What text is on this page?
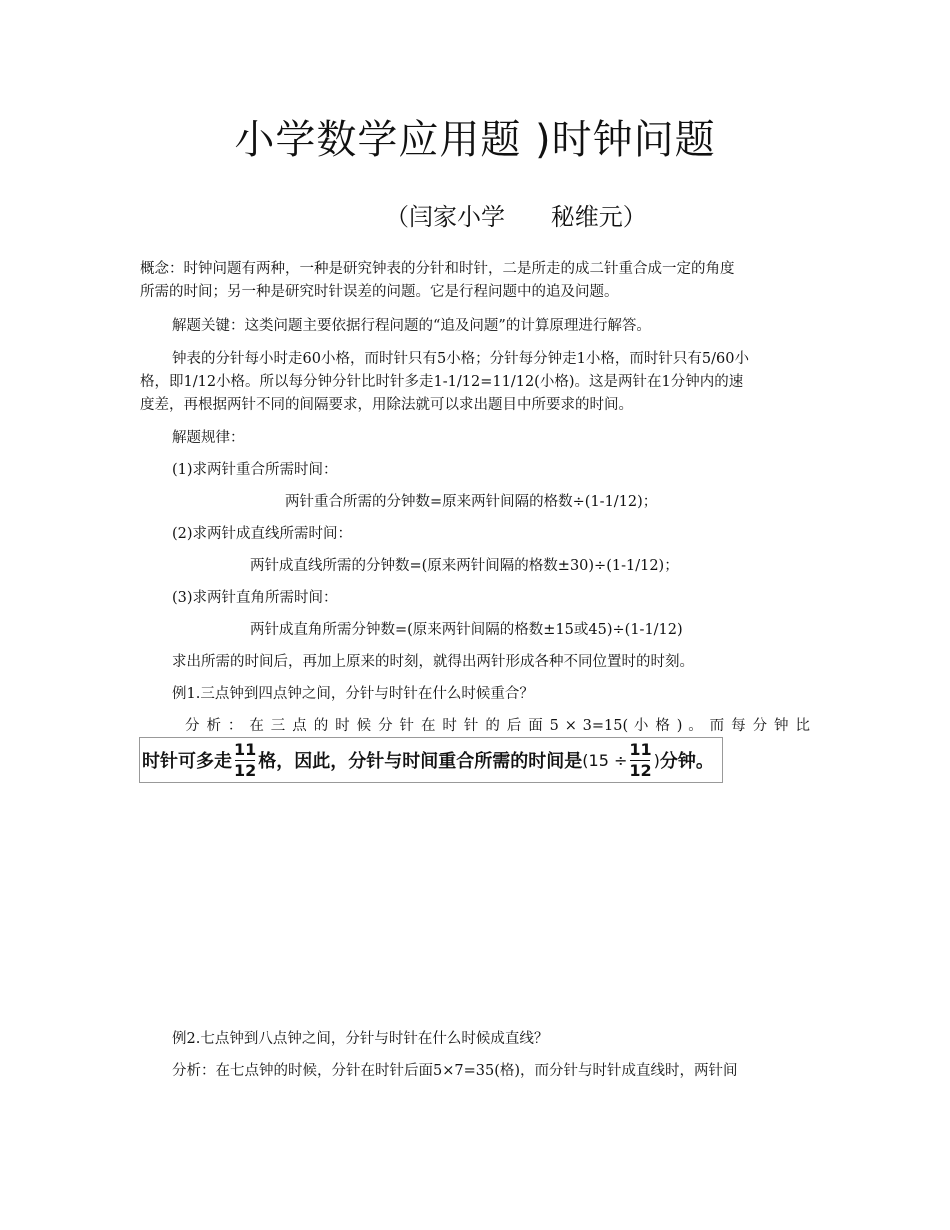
小学数学应用题 )时钟问题
（闫家小学      秘维元）
概念：时钟问题有两种，一种是研究钟表的分针和时针，二是所走的成二针重合成一定的角度
所需的时间；另一种是研究时针误差的问题。它是行程问题中的追及问题。
解题关键：这类问题主要依据行程问题的“追及问题”的计算原理进行解答。
钟表的分针每小时走60小格，而时针只有5小格；分针每分钟走1小格，而时针只有5/60小
格，即1/12小格。所以每分钟分针比时针多走1-1/12=11/12(小格)。这是两针在1分钟内的速
度差，再根据两针不同的间隔要求，用除法就可以求出题目中所要求的时间。
解题规律：
(1)求两针重合所需时间：
两针重合所需的分钟数=原来两针间隔的格数÷(1-1/12)；
(2)求两针成直线所需时间：
两针成直线所需的分钟数=(原来两针间隔的格数±30)÷(1-1/12)；
(3)求两针直角所需时间：
两针成直角所需分钟数=(原来两针间隔的格数±15或45)÷(1-1/12)
求出所需的时间后，再加上原来的时刻，就得出两针形成各种不同位置时的时刻。
例1.三点钟到四点钟之间，分针与时针在什么时候重合？
分 析 ： 在 三 点 的 时 候 分 针 在 时 针 的 后 面 5 × 3=15( 小 格 ) 。 而 每 分 钟 比
时针可多走 $\frac{11}{12}$ 格，因此，分针与时间重合所需的时间是 ($15 \div \frac{11}{12}$ ) 分钟。
例2.七点钟到八点钟之间，分针与时针在什么时候成直线？
分析：在七点钟的时候，分针在时针后面5×7=35(格)，而分针与时针成直线时，两针间
